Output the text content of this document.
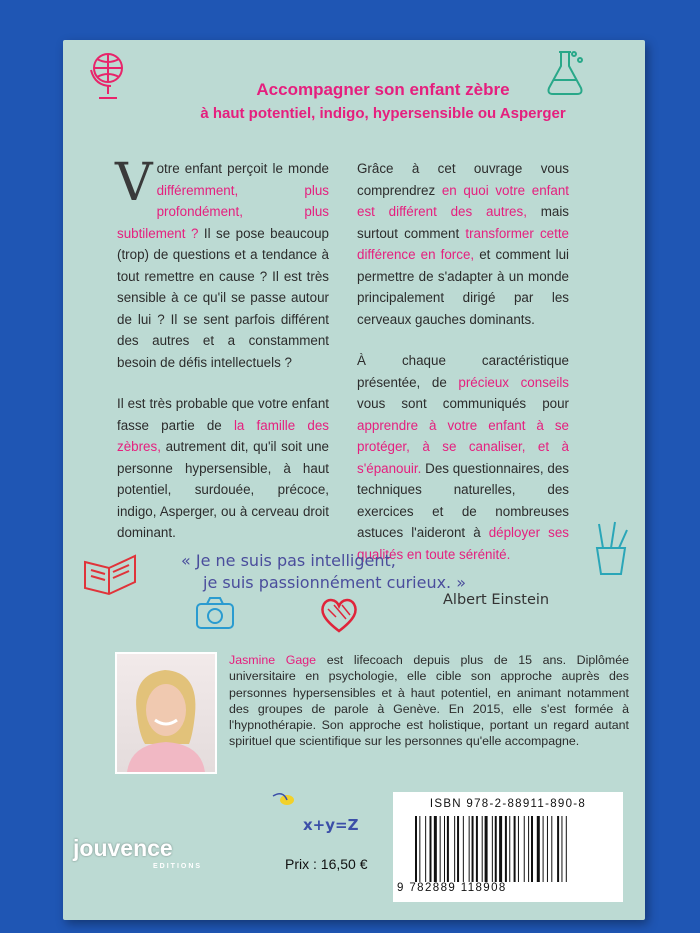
Accompagner son enfant zèbre
à haut potentiel, indigo, hypersensible ou Asperger

Votre enfant perçoit le monde différemment, plus profondément, plus subtilement ? Il se pose beaucoup (trop) de questions et a tendance à tout remettre en cause ? Il est très sensible à ce qu'il se passe autour de lui ? Il se sent parfois différent des autres et a constamment besoin de défis intellectuels ?

Il est très probable que votre enfant fasse partie de la famille des zèbres, autrement dit, qu'il soit une personne hypersensible, à haut potentiel, surdouée, précoce, indigo, Asperger, ou à cerveau droit dominant.

Grâce à cet ouvrage vous comprendrez en quoi votre enfant est différent des autres, mais surtout comment transformer cette différence en force, et comment lui permettre de s'adapter à un monde principalement dirigé par les cerveaux gauches dominants.

À chaque caractéristique présentée, de précieux conseils vous sont communiqués pour apprendre à votre enfant à se protéger, à se canaliser, et à s'épanouir. Des questionnaires, des techniques naturelles, des exercices et de nombreuses astuces l'aideront à déployer ses qualités en toute sérénité.

« Je ne suis pas intelligent,
je suis passionnément curieux. »
Albert Einstein
Jasmine Gage est lifecoach depuis plus de 15 ans. Diplômée universitaire en psychologie, elle cible son approche auprès des personnes hypersensibles et à haut potentiel, en animant notamment des groupes de parole à Genève. En 2015, elle s'est formée à l'hypnothérapie. Son approche est holistique, portant un regard autant spirituel que scientifique sur les personnes qu'elle accompagne.
x+y=Z
jouvence
EDITIONS	Prix : 16,50 €
ISBN 978-2-88911-890-8
9 782889 118908
